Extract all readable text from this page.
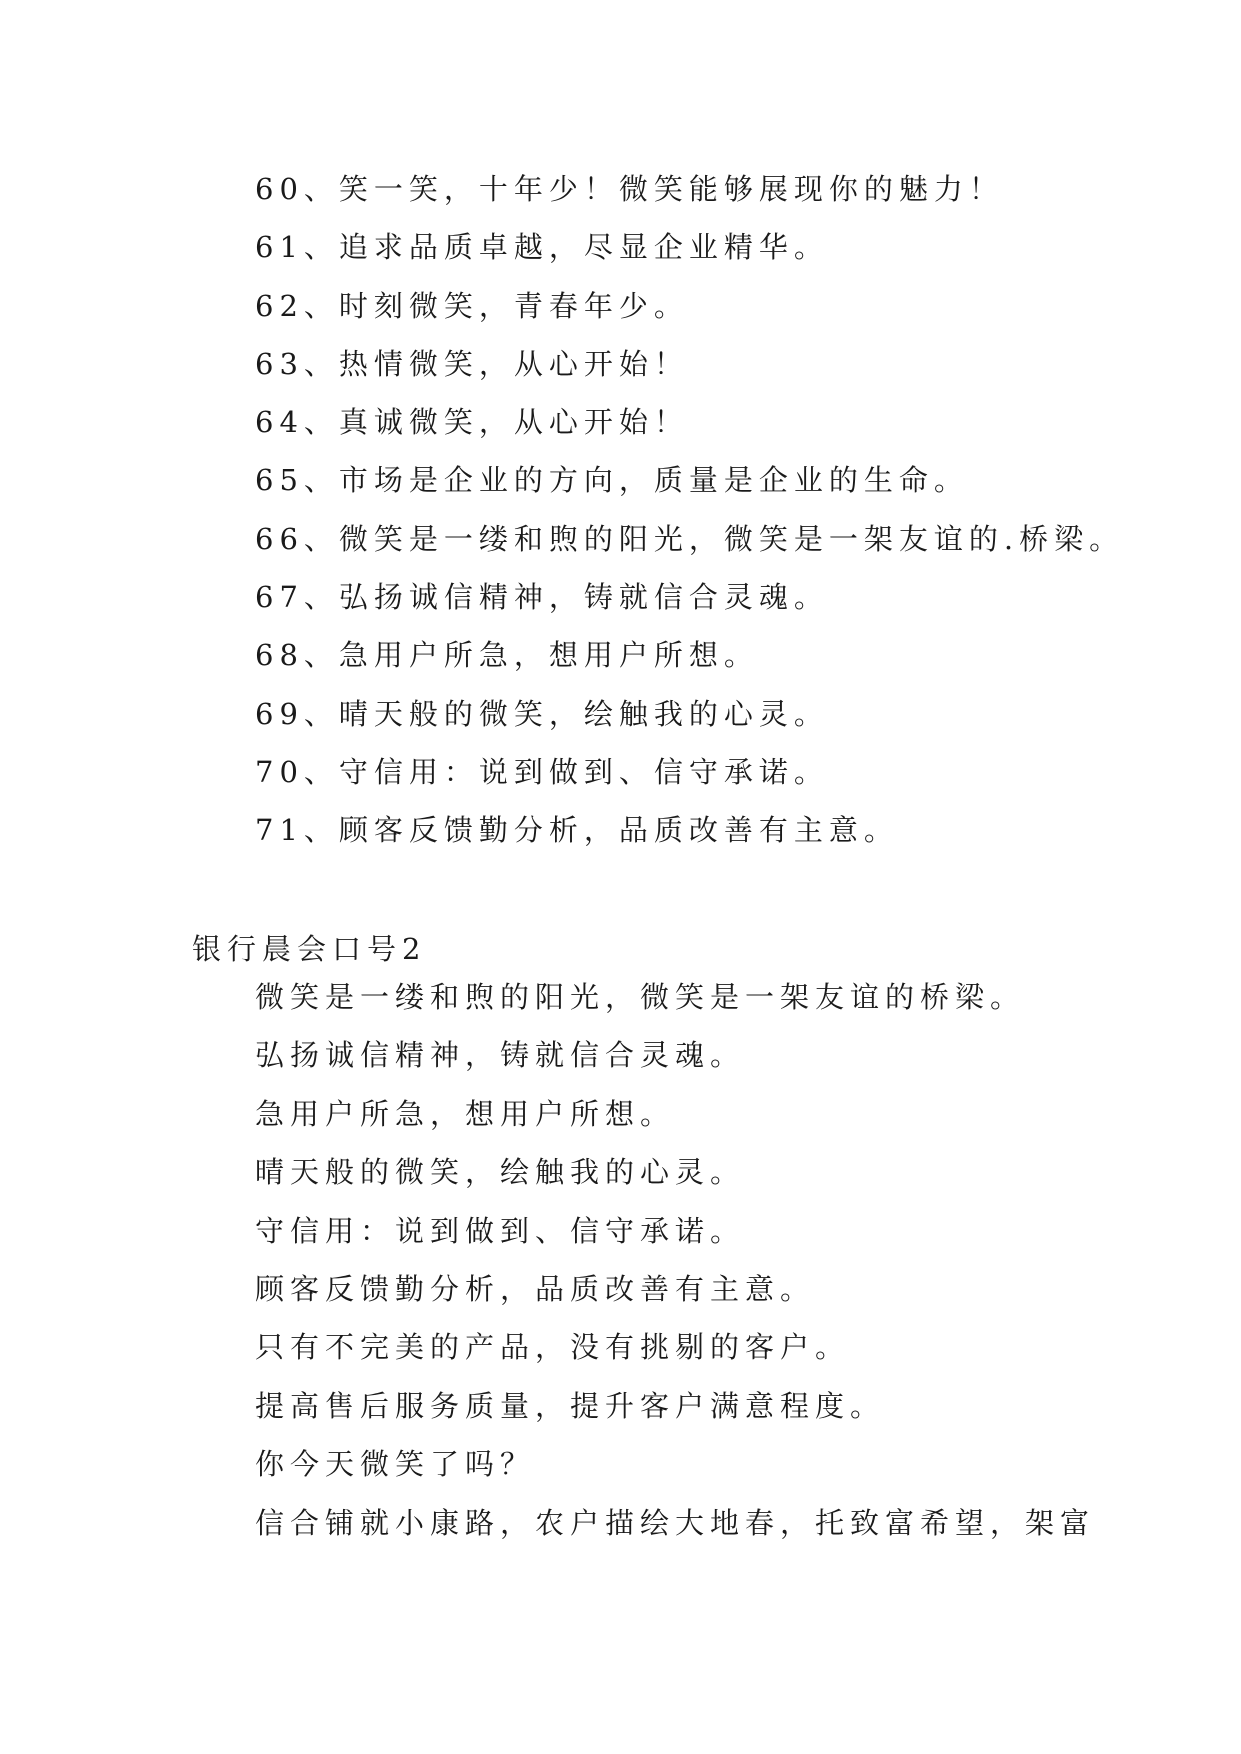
60、笑一笑，十年少！微笑能够展现你的魅力！
61、追求品质卓越，尽显企业精华。
62、时刻微笑，青春年少。
63、热情微笑，从心开始！
64、真诚微笑，从心开始！
65、市场是企业的方向，质量是企业的生命。
66、微笑是一缕和煦的阳光，微笑是一架友谊的.桥梁。
67、弘扬诚信精神，铸就信合灵魂。
68、急用户所急，想用户所想。
69、晴天般的微笑，绘触我的心灵。
70、守信用：说到做到、信守承诺。
71、顾客反馈勤分析，品质改善有主意。
银行晨会口号2
微笑是一缕和煦的阳光，微笑是一架友谊的桥梁。
弘扬诚信精神，铸就信合灵魂。
急用户所急，想用户所想。
晴天般的微笑，绘触我的心灵。
守信用：说到做到、信守承诺。
顾客反馈勤分析，品质改善有主意。
只有不完美的产品，没有挑剔的客户。
提高售后服务质量，提升客户满意程度。
你今天微笑了吗？
信合铺就小康路，农户描绘大地春，托致富希望，架富
